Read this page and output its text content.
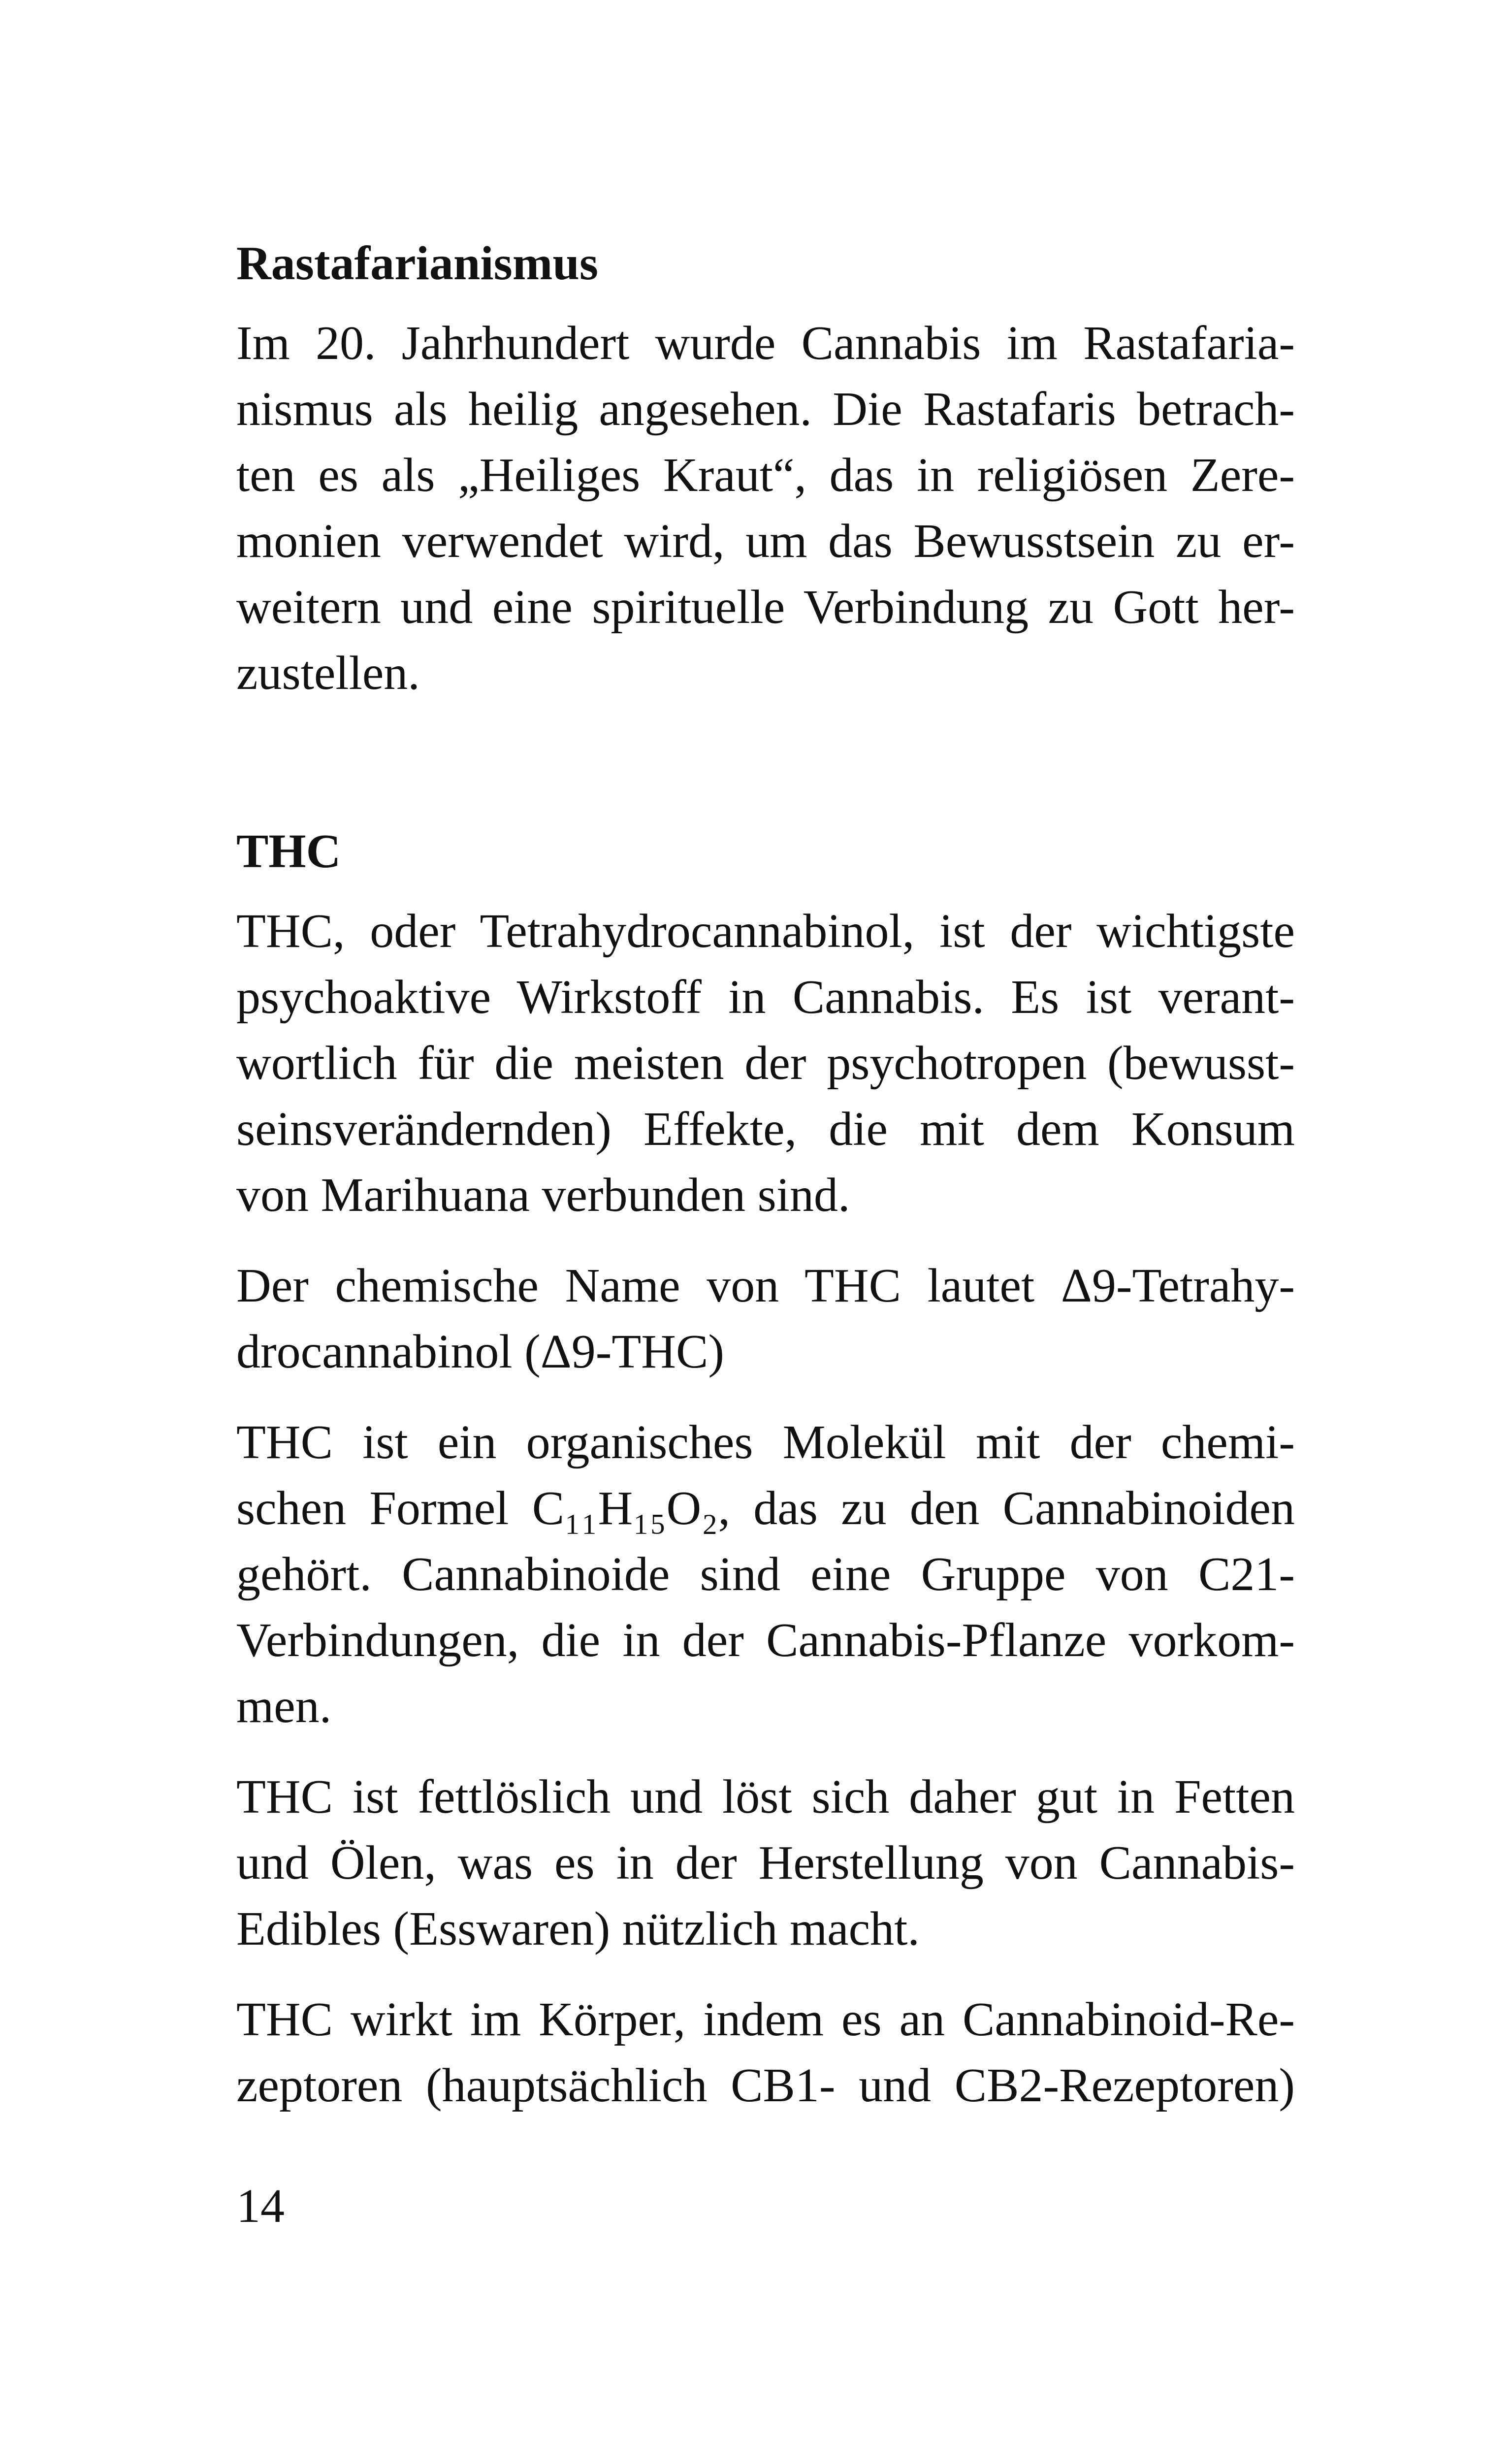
Rastafarianismus

Im 20. Jahrhundert wurde Cannabis im Rastafaria-
nismus als heilig angesehen. Die Rastafaris betrach-
ten es als „Heiliges Kraut“, das in religiösen Zere-
monien verwendet wird, um das Bewusstsein zu er-
weitern und eine spirituelle Verbindung zu Gott her-
zustellen.

THC

THC, oder Tetrahydrocannabinol, ist der wichtigste
psychoaktive Wirkstoff in Cannabis. Es ist verant-
wortlich für die meisten der psychotropen (bewusst-
seinsverändernden) Effekte, die mit dem Konsum
von Marihuana verbunden sind.

Der chemische Name von THC lautet Δ9-Tetrahy-
drocannabinol (Δ9-THC)

THC ist ein organisches Molekül mit der chemi-
schen Formel C₁₁H₁₅O₂, das zu den Cannabinoiden
gehört. Cannabinoide sind eine Gruppe von C21-
Verbindungen, die in der Cannabis-Pflanze vorkom-
men.

THC ist fettlöslich und löst sich daher gut in Fetten
und Ölen, was es in der Herstellung von Cannabis-
Edibles (Esswaren) nützlich macht.

THC wirkt im Körper, indem es an Cannabinoid-Re-
zeptoren (hauptsächlich CB1- und CB2-Rezeptoren)

14
